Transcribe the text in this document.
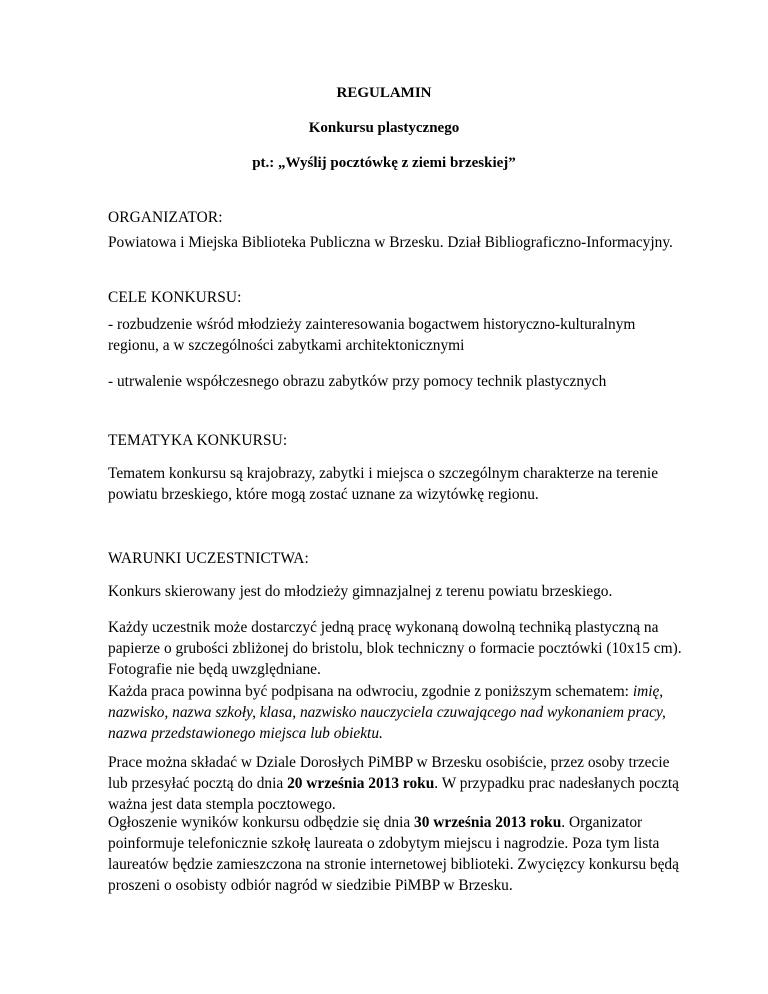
REGULAMIN
Konkursu plastycznego
pt.: „Wyślij pocztówkę z ziemi brzeskiej”
ORGANIZATOR:
Powiatowa i Miejska Biblioteka Publiczna w Brzesku. Dział Bibliograficzno-Informacyjny.
CELE KONKURSU:
- rozbudzenie wśród młodzieży zainteresowania bogactwem historyczno-kulturalnym regionu, a w szczególności zabytkami architektonicznymi
- utrwalenie współczesnego obrazu zabytków przy pomocy technik plastycznych
TEMATYKA KONKURSU:
Tematem konkursu są krajobrazy, zabytki i miejsca o szczególnym charakterze na terenie powiatu brzeskiego, które mogą zostać uznane za wizytówkę regionu.
WARUNKI UCZESTNICTWA:
Konkurs skierowany jest do młodzieży gimnazjalnej z terenu powiatu brzeskiego.
Każdy uczestnik może dostarczyć jedną pracę wykonaną dowolną techniką plastyczną na papierze o grubości zbliżonej do bristolu, blok techniczny o formacie pocztówki (10x15 cm). Fotografie nie będą uwzględniane.
Każda praca powinna być podpisana na odwrociu, zgodnie z poniższym schematem: imię, nazwisko, nazwa szkoły, klasa, nazwisko nauczyciela czuwającego nad wykonaniem pracy, nazwa przedstawionego miejsca lub obiektu.
Prace można składać w Dziale Dorosłych PiMBP w Brzesku osobiście, przez osoby trzecie lub przesyłać pocztą do dnia 20 września 2013 roku. W przypadku prac nadesłanych pocztą ważna jest data stempla pocztowego.
Ogłoszenie wyników konkursu odbędzie się dnia 30 września 2013 roku. Organizator poinformuje telefonicznie szkołę laureata o zdobytym miejscu i nagrodzie. Poza tym lista laureatów będzie zamieszczona na stronie internetowej biblioteki. Zwycięzcy konkursu będą proszeni o osobisty odbiór nagród w siedzibie PiMBP w Brzesku.
